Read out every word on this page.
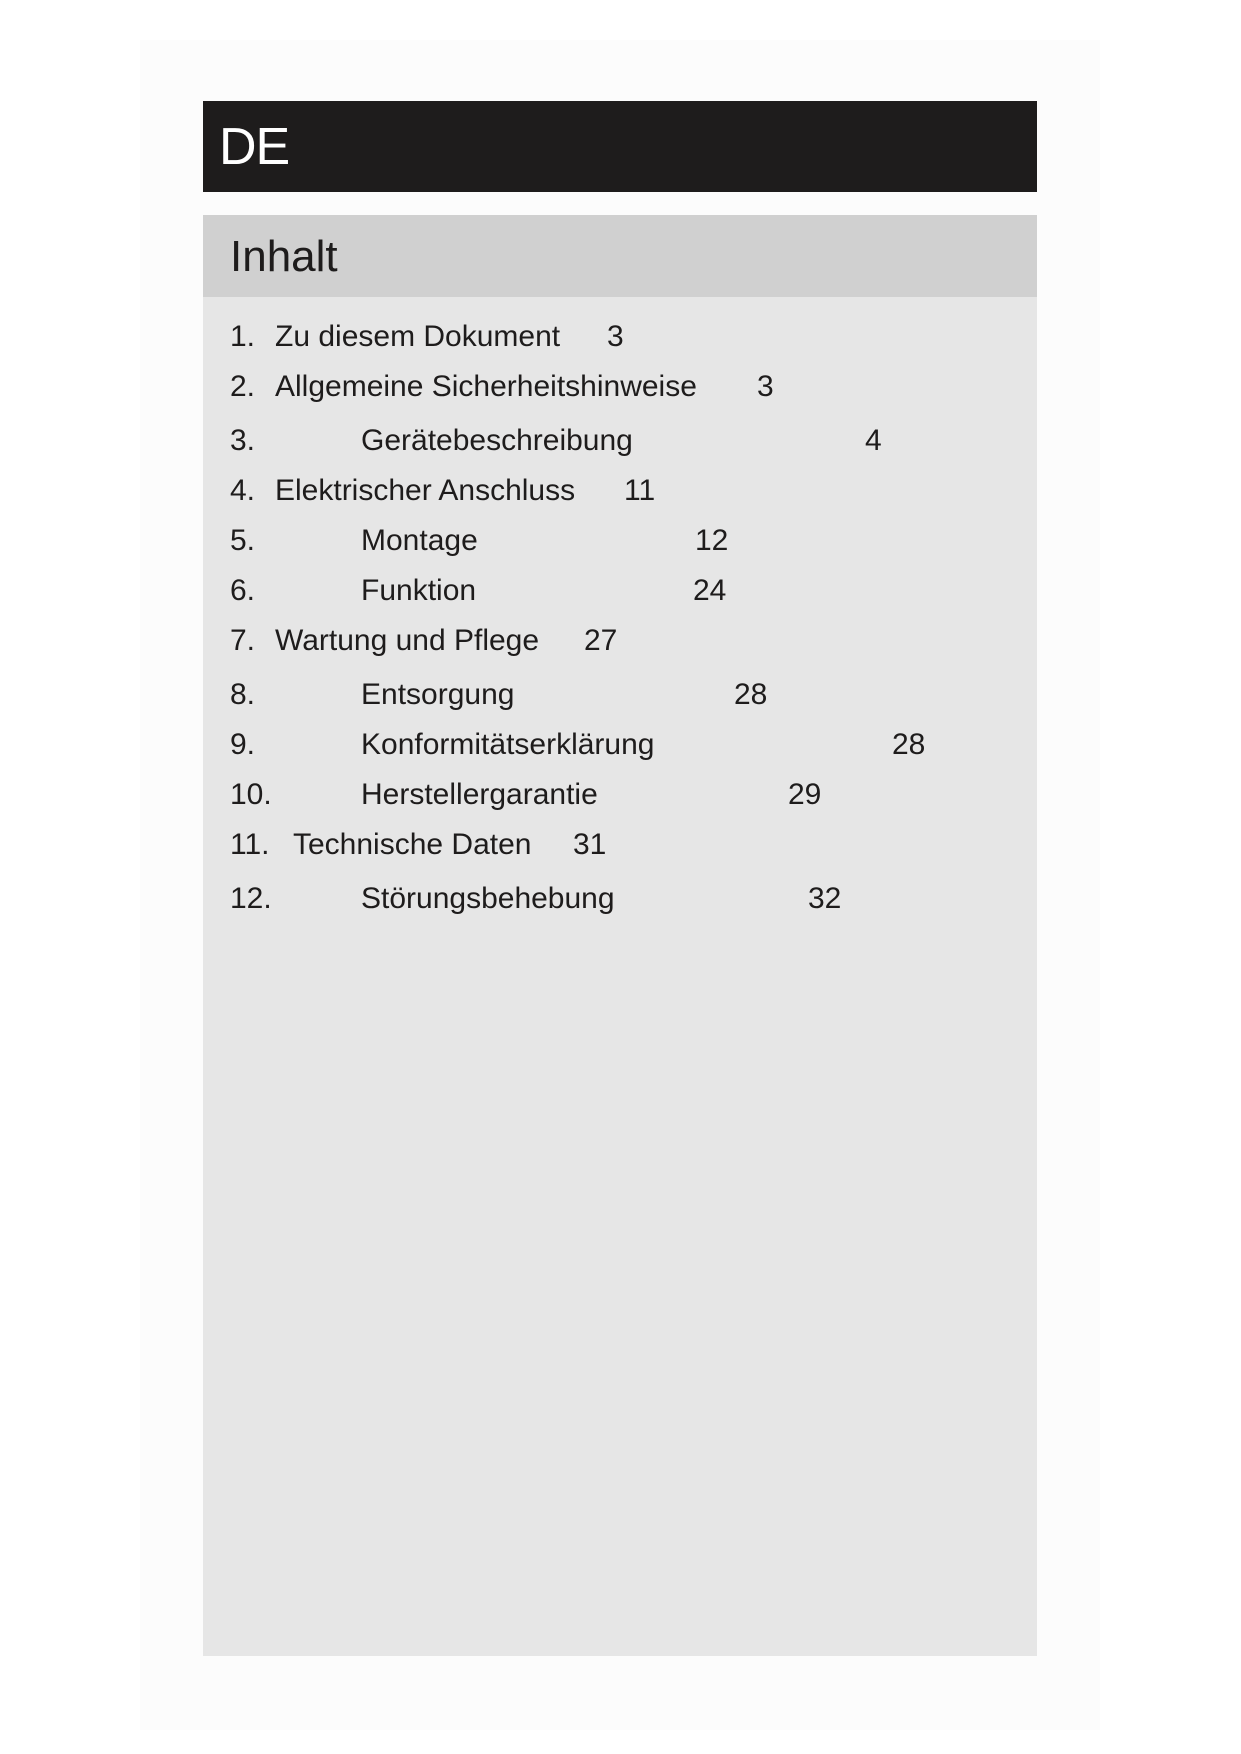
DE
Inhalt
1. Zu diesem Dokument 3
2. Allgemeine Sicherheitshinweise 3
3.	Gerätebeschreibung	4
4. Elektrischer Anschluss 11
5.	Montage	12
6.	Funktion	24
7. Wartung und Pflege 27
8.	Entsorgung	28
9.	Konformitätserklärung	28
10.	Herstellergarantie	29
11. Technische Daten 31
12.	Störungsbehebung	32
